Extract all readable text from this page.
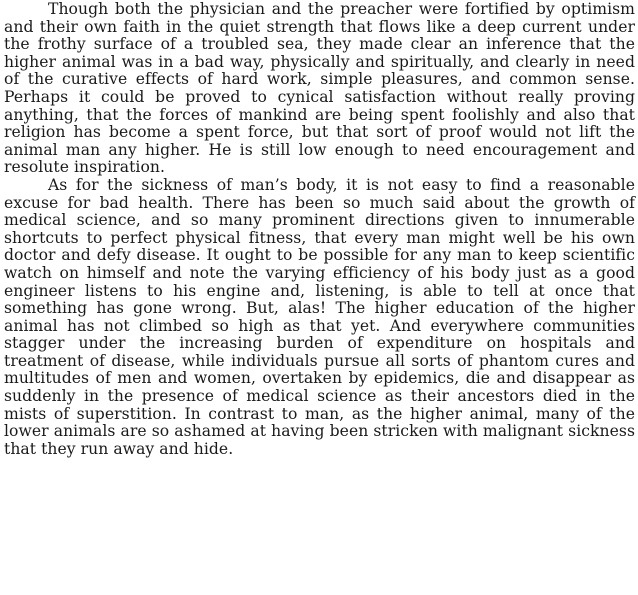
Though both the physician and the preacher were fortified by optimism and their own faith in the quiet strength that flows like a deep current under the frothy surface of a troubled sea, they made clear an inference that the higher animal was in a bad way, physically and spiritually, and clearly in need of the curative effects of hard work, simple pleasures, and common sense. Perhaps it could be proved to cynical satisfaction without really proving anything, that the forces of mankind are being spent foolishly and also that religion has become a spent force, but that sort of proof would not lift the animal man any higher. He is still low enough to need encouragement and resolute inspiration.

As for the sickness of man’s body, it is not easy to find a reasonable excuse for bad health. There has been so much said about the growth of medical science, and so many prominent directions given to innumerable shortcuts to perfect physical fitness, that every man might well be his own doctor and defy disease. It ought to be possible for any man to keep scientific watch on himself and note the varying efficiency of his body just as a good engineer listens to his engine and, listening, is able to tell at once that something has gone wrong. But, alas! The higher education of the higher animal has not climbed so high as that yet. And everywhere communities stagger under the increasing burden of expenditure on hospitals and treatment of disease, while individuals pursue all sorts of phantom cures and multitudes of men and women, overtaken by epidemics, die and disappear as suddenly in the presence of medical science as their ancestors died in the mists of superstition. In contrast to man, as the higher animal, many of the lower animals are so ashamed at having been stricken with malignant sickness that they run away and hide.
